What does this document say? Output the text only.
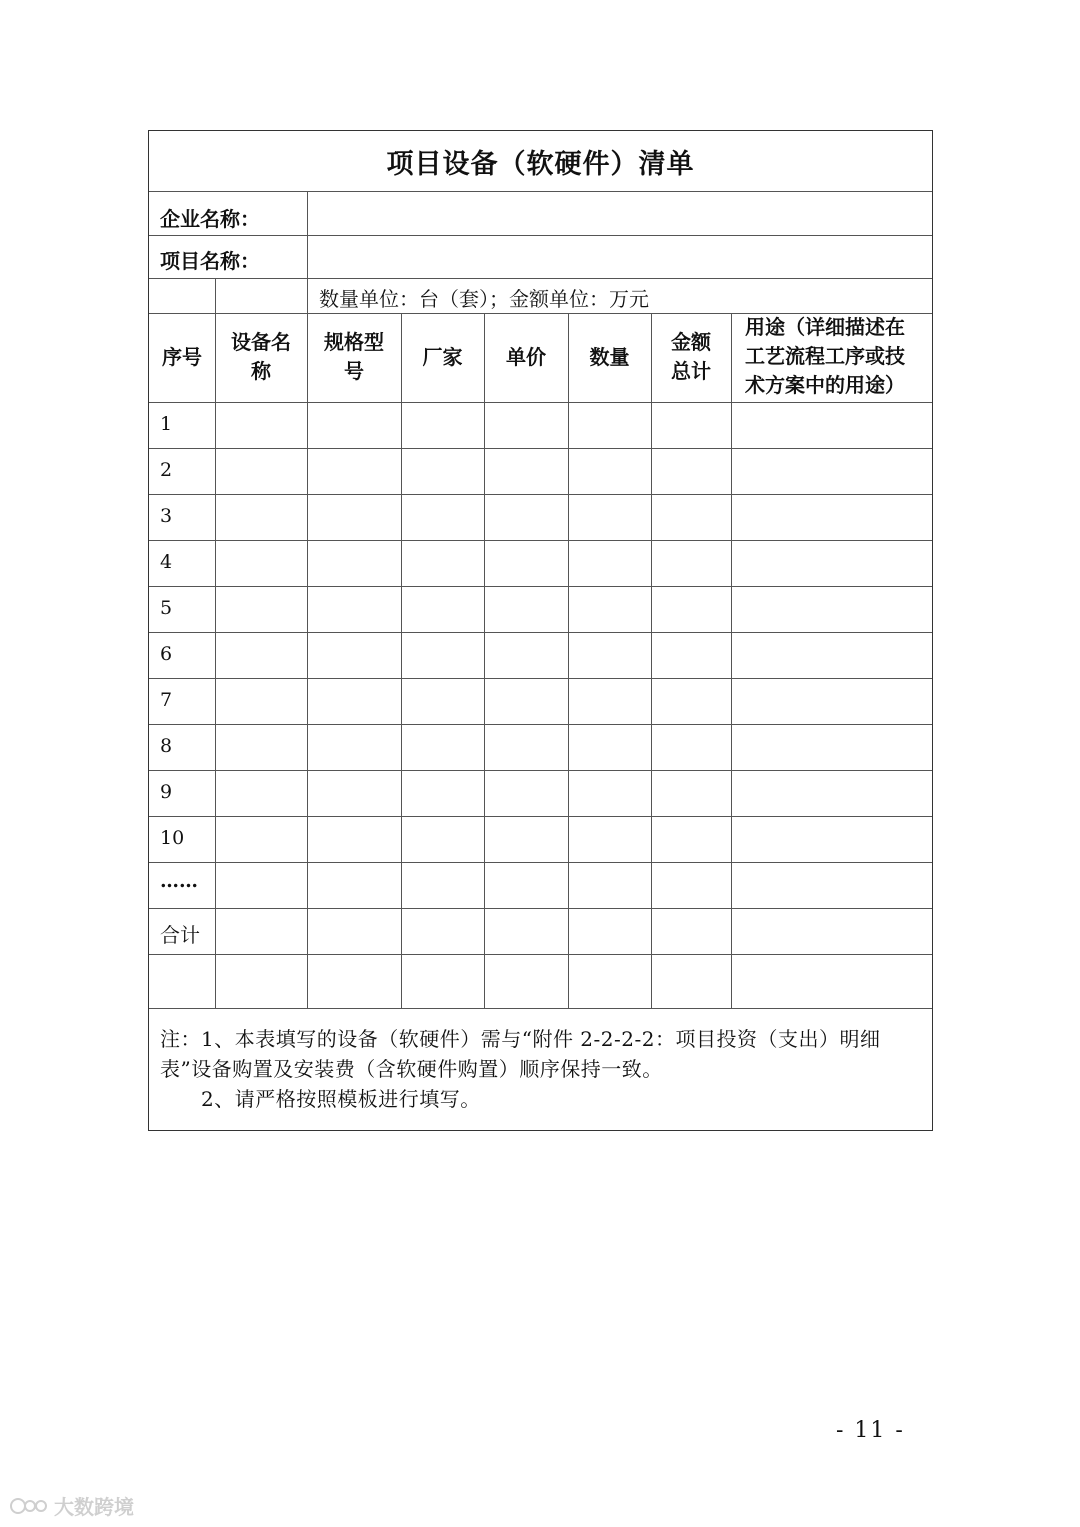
项目设备（软硬件）清单
企业名称：
项目名称：
数量单位：台（套）；金额单位：万元
序号
设备名
称
规格型
号
厂家	单价	数量
金额
总计
用途（详细描述在
工艺流程工序或技
术方案中的用途）
1
2
3
4
5
6
7
8
9
10
……
合计
注：1、本表填写的设备（软硬件）需与“附件 2-2-2-2：项目投资（支出）明细
表”设备购置及安装费（含软硬件购置）顺序保持一致。
2、请严格按照模板进行填写。
- 11 -
大数跨境
